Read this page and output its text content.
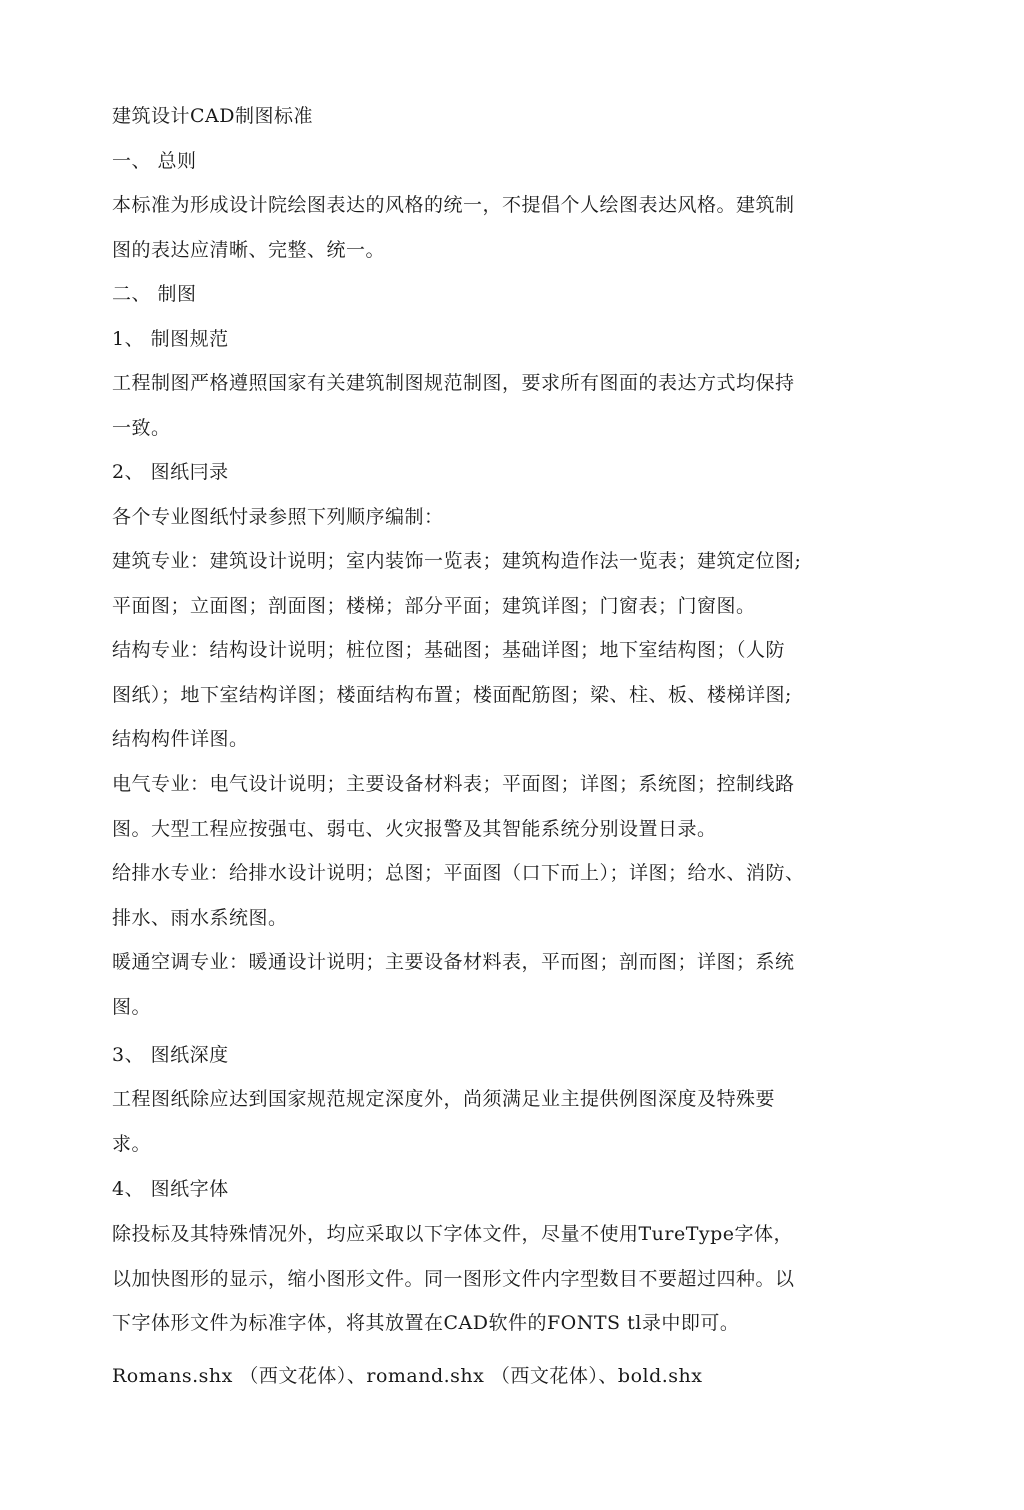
建筑设计CAD制图标准
一、 总则
本标准为形成设计院绘图表达的风格的统一，不提倡个人绘图表达风格。建筑制
图的表达应清晰、完整、统一。
二、 制图
1、 制图规范
工程制图严格遵照国家有关建筑制图规范制图，要求所有图面的表达方式均保持
一致。
2、 图纸冃录
各个专业图纸忖录参照下列顺序编制：
建筑专业：建筑设计说明；室内装饰一览表；建筑构造作法一览表；建筑定位图;
平面图；立面图；剖面图；楼梯；部分平面；建筑详图；门窗表；门窗图。
结构专业：结构设计说明；桩位图；基础图；基础详图；地下室结构图；（人防
图纸）；地下室结构详图；楼面结构布置；楼面配筋图；梁、柱、板、楼梯详图;
结构构件详图。
电气专业：电气设计说明；主要设备材料表；平面图；详图；系统图；控制线路
图。大型工程应按强屯、弱屯、火灾报警及其智能系统分别设置日录。
给排水专业：给排水设计说明；总图；平面图（口下而上）；详图；给水、消防、
排水、雨水系统图。
暖通空调专业：暖通设计说明；主要设备材料表，平而图；剖而图；详图；系统
图。
3、 图纸深度
工程图纸除应达到国家规范规定深度外，尚须满足业主提供例图深度及特殊要
求。
4、 图纸字体
除投标及其特殊情况外，均应采取以下字体文件，尽量不使用TureType字体，
以加快图形的显示，缩小图形文件。同一图形文件内字型数目不要超过四种。以
下字体形文件为标准字体，将其放置在CAD软件的FONTS tl录中即可。
Romans.shx （西文花体）、romand.shx （西文花体）、bold.shx
